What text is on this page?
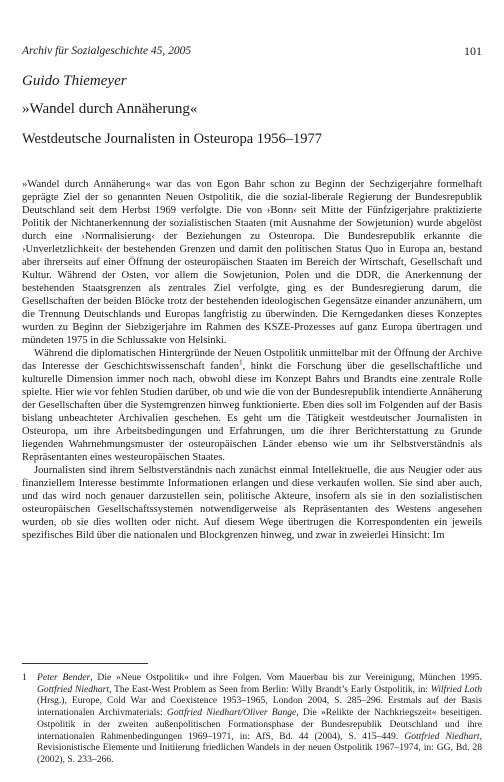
Archiv für Sozialgeschichte 45, 2005	101
Guido Thiemeyer
»Wandel durch Annäherung«
Westdeutsche Journalisten in Osteuropa 1956–1977

»Wandel durch Annäherung« war das von Egon Bahr schon zu Beginn der Sechzigerjahre formelhaft geprägte Ziel der so genannten Neuen Ostpolitik, die die sozial-liberale Regierung der Bundesrepublik Deutschland seit dem Herbst 1969 verfolgte. Die von ›Bonn‹ seit Mitte der Fünfzigerjahre praktizierte Politik der Nichtanerkennung der sozialistischen Staaten (mit Ausnahme der Sowjetunion) wurde abgelöst durch eine ›Normalisierung‹ der Beziehungen zu Osteuropa. Die Bundesrepublik erkannte die ›Unverletzlichkeit‹ der bestehenden Grenzen und damit den politischen Status Quo in Europa an, bestand aber ihrerseits auf einer Öffnung der osteuropäischen Staaten im Bereich der Wirtschaft, Gesellschaft und Kultur. Während der Osten, vor allem die Sowjetunion, Polen und die DDR, die Anerkennung der bestehenden Staatsgrenzen als zentrales Ziel verfolgte, ging es der Bundesregierung darum, die Gesellschaften der beiden Blöcke trotz der bestehenden ideologischen Gegensätze einander anzunähern, um die Trennung Deutschlands und Europas langfristig zu überwinden. Die Kerngedanken dieses Konzeptes wurden zu Beginn der Siebzigerjahre im Rahmen des KSZE-Prozesses auf ganz Europa übertragen und mündeten 1975 in die Schlussakte von Helsinki.

Während die diplomatischen Hintergründe der Neuen Ostpolitik unmittelbar mit der Öffnung der Archive das Interesse der Geschichtswissenschaft fanden$^1$, hinkt die Forschung über die gesellschaftliche und kulturelle Dimension immer noch nach, obwohl diese im Konzept Bahrs und Brandts eine zentrale Rolle spielte. Hier wie vor fehlen Studien darüber, ob und wie die von der Bundesrepublik intendierte Annäherung der Gesellschaften über die Systemgrenzen hinweg funktionierte. Eben dies soll im Folgenden auf der Basis bislang unbeachteter Archivalien geschehen. Es geht um die Tätigkeit westdeutscher Journalisten in Osteuropa, um ihre Arbeitsbedingungen und Erfahrungen, um die ihrer Berichterstattung zu Grunde liegenden Wahrnehmungsmuster der osteuropäischen Länder ebenso wie um ihr Selbstverständnis als Repräsentanten eines westeuropäischen Staates.

Journalisten sind ihrem Selbstverständnis nach zunächst einmal Intellektuelle, die aus Neugier oder aus finanziellem Interesse bestimmte Informationen erlangen und diese verkaufen wollen. Sie sind aber auch, und das wird noch genauer darzustellen sein, politische Akteure, insofern als sie in den sozialistischen osteuropäischen Gesellschaftssystemen notwendigerweise als Repräsentanten des Westens angesehen wurden, ob sie dies wollten oder nicht. Auf diesem Wege übertrugen die Korrespondenten ein jeweils spezifisches Bild über die nationalen und Blockgrenzen hinweg, und zwar in zweierlei Hinsicht: Im

1 Peter Bender, Die »Neue Ostpolitik« und ihre Folgen. Vom Mauerbau bis zur Vereinigung, München 1995. Gottfried Niedhart, The East-West Problem as Seen from Berlin: Willy Brandt’s Early Ostpolitik, in: Wilfried Loth (Hrsg.), Europe, Cold War and Coexistence 1953–1965, London 2004, S. 285–296. Erstmals auf der Basis internationalen Archivmaterials: Gottfried Niedhart/Oliver Bange, Die »Relikte der Nachkriegszeit« beseitigen. Ostpolitik in der zweiten außenpolitischen Formationsphase der Bundesrepublik Deutschland und ihre internationalen Rahmenbedingungen 1969–1971, in: AfS, Bd. 44 (2004), S. 415–449. Gottfried Niedhart, Revisionistische Elemente und Initiierung friedlichen Wandels in der neuen Ostpolitik 1967–1974, in: GG, Bd. 28 (2002), S. 233–266.
